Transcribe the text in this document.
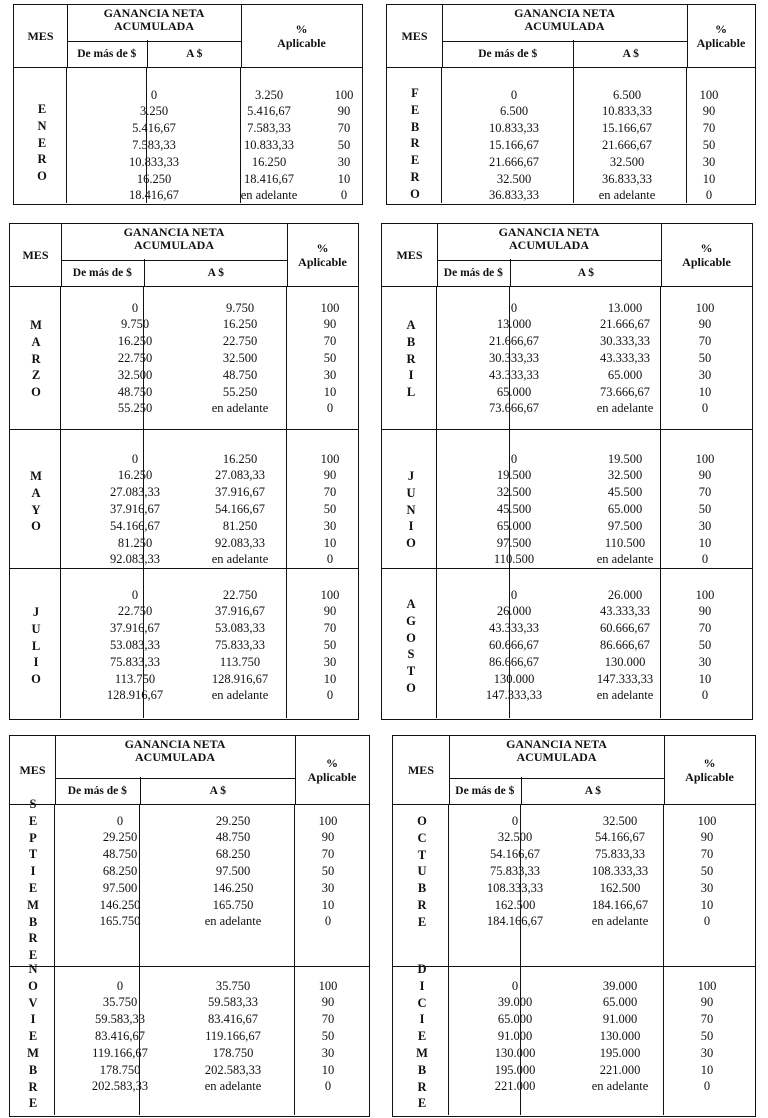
MES
GANANCIA NETA
ACUMULADA
De más de $	A $
%
Aplicable
E
N
E
R
O
0	3.250	100
3.250	5.416,67	90
5.416,67	7.583,33	70
7.583,33	10.833,33	50
10.833,33	16.250	30
16.250	18.416,67	10
18.416,67	en adelante	0
MES
GANANCIA NETA
ACUMULADA
De más de $	A $
%
Aplicable
F
E
B
R
E
R
O
0	6.500	100
6.500	10.833,33	90
10.833,33	15.166,67	70
15.166,67	21.666,67	50
21.666,67	32.500	30
32.500	36.833,33	10
36.833,33	en adelante	0
MES
GANANCIA NETA
ACUMULADA
De más de $	A $
%
Aplicable
M
A
R
Z
O
0	9.750	100
9.750	16.250	90
16.250	22.750	70
22.750	32.500	50
32.500	48.750	30
48.750	55.250	10
55.250	en adelante	0
M
A
Y
O
0	16.250	100
16.250	27.083,33	90
27.083,33	37.916,67	70
37.916,67	54.166,67	50
54.166,67	81.250	30
81.250	92.083,33	10
92.083,33	en adelante	0
J
U
L
I
O
0	22.750	100
22.750	37.916,67	90
37.916,67	53.083,33	70
53.083,33	75.833,33	50
75.833,33	113.750	30
113.750	128.916,67	10
128.916,67	en adelante	0
MES
GANANCIA NETA
ACUMULADA
De más de $	A $
%
Aplicable
A
B
R
I
L
0	13.000	100
13.000	21.666,67	90
21.666,67	30.333,33	70
30.333,33	43.333,33	50
43.333,33	65.000	30
65.000	73.666,67	10
73.666,67	en adelante	0
J
U
N
I
O
0	19.500	100
19.500	32.500	90
32.500	45.500	70
45.500	65.000	50
65.000	97.500	30
97.500	110.500	10
110.500	en adelante	0
A
G
O
S
T
O
0	26.000	100
26.000	43.333,33	90
43.333,33	60.666,67	70
60.666,67	86.666,67	50
86.666,67	130.000	30
130.000	147.333,33	10
147.333,33	en adelante	0
MES
GANANCIA NETA
ACUMULADA
De más de $	A $
%
Aplicable
S
E
P
T
I
E
M
B
R
E
0	29.250	100
29.250	48.750	90
48.750	68.250	70
68.250	97.500	50
97.500	146.250	30
146.250	165.750	10
165.750	en adelante	0
N
O
V
I
E
M
B
R
E
0	35.750	100
35.750	59.583,33	90
59.583,33	83.416,67	70
83.416,67	119.166,67	50
119.166,67	178.750	30
178.750	202.583,33	10
202.583,33	en adelante	0
MES
GANANCIA NETA
ACUMULADA
De más de $	A $
%
Aplicable
O
C
T
U
B
R
E
0	32.500	100
32.500	54.166,67	90
54.166,67	75.833,33	70
75.833,33	108.333,33	50
108.333,33	162.500	30
162.500	184.166,67	10
184.166,67	en adelante	0
D
I
C
I
E
M
B
R
E
0	39.000	100
39.000	65.000	90
65.000	91.000	70
91.000	130.000	50
130.000	195.000	30
195.000	221.000	10
221.000	en adelante	0
